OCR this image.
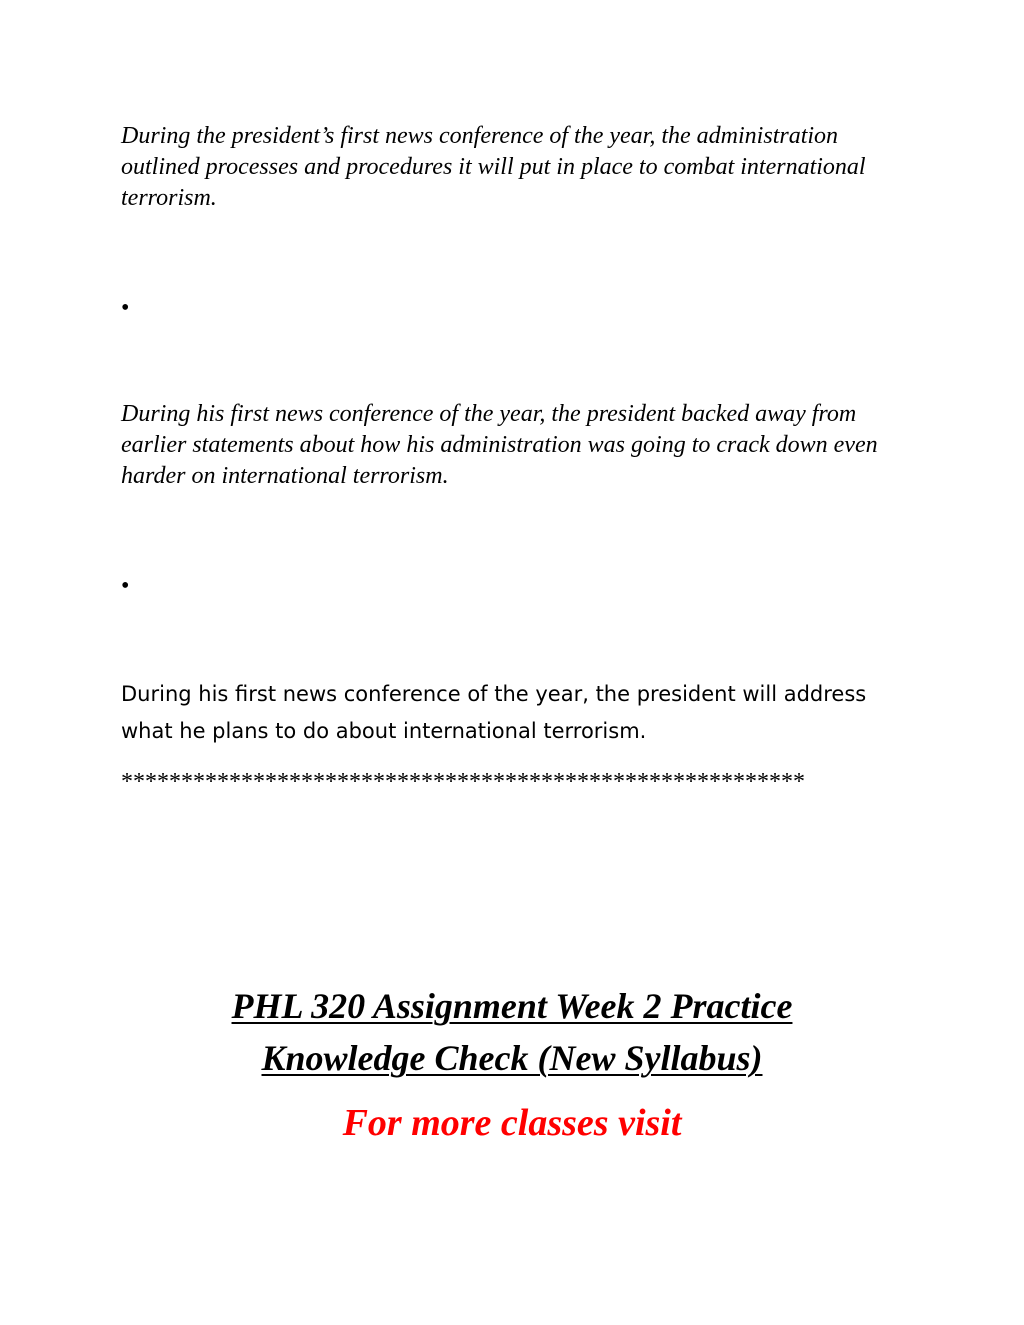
During the president’s first news conference of the year, the administration outlined processes and procedures it will put in place to combat international terrorism.

•

During his first news conference of the year, the president backed away from earlier statements about how his administration was going to crack down even harder on international terrorism.

•

During his first news conference of the year, the president will address what he plans to do about international terrorism.

*********************************************************

PHL 320 Assignment Week 2 Practice
Knowledge Check (New Syllabus)

For more classes visit
